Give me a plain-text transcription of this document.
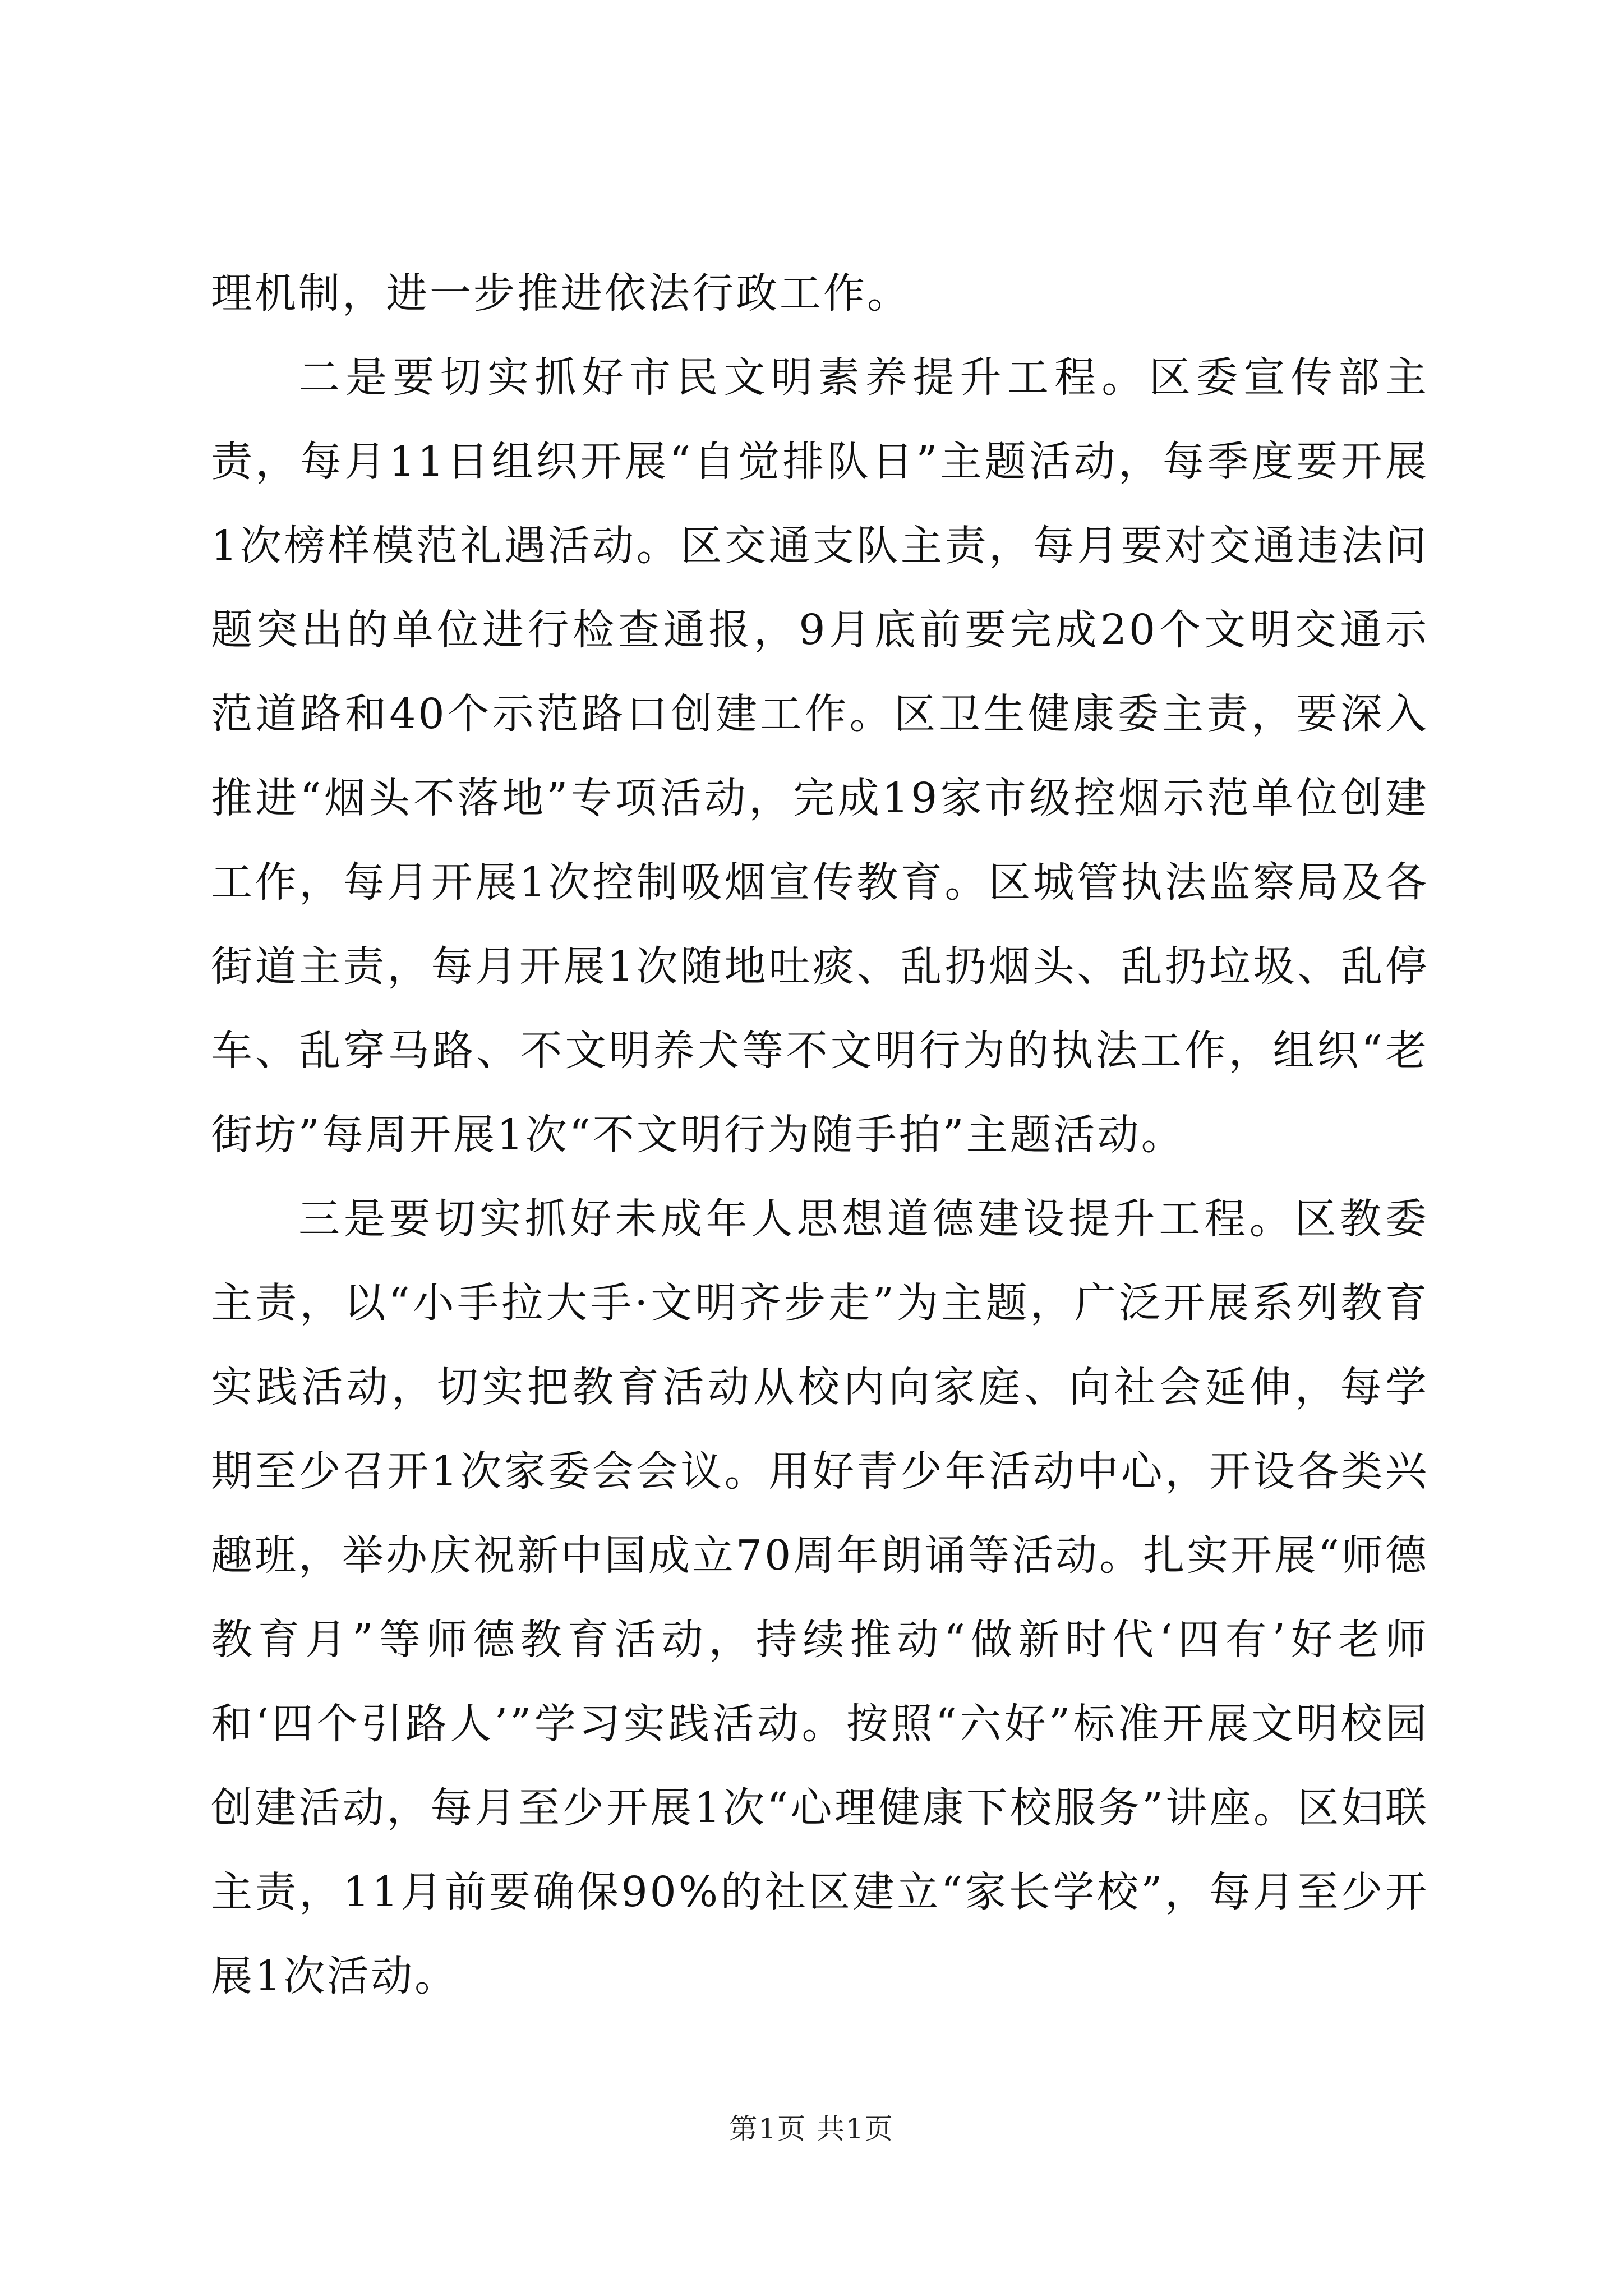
理机制，进一步推进依法行政工作。

二是要切实抓好市民文明素养提升工程。区委宣传部主责，每月11日组织开展“自觉排队日”主题活动，每季度要开展1次榜样模范礼遇活动。区交通支队主责，每月要对交通违法问题突出的单位进行检查通报，9月底前要完成20个文明交通示范道路和40个示范路口创建工作。区卫生健康委主责，要深入推进“烟头不落地”专项活动，完成19家市级控烟示范单位创建工作，每月开展1次控制吸烟宣传教育。区城管执法监察局及各街道主责，每月开展1次随地吐痰、乱扔烟头、乱扔垃圾、乱停车、乱穿马路、不文明养犬等不文明行为的执法工作，组织“老街坊”每周开展1次“不文明行为随手拍”主题活动。

三是要切实抓好未成年人思想道德建设提升工程。区教委主责，以“小手拉大手·文明齐步走”为主题，广泛开展系列教育实践活动，切实把教育活动从校内向家庭、向社会延伸，每学期至少召开1次家委会会议。用好青少年活动中心，开设各类兴趣班，举办庆祝新中国成立70周年朗诵等活动。扎实开展“师德教育月”等师德教育活动，持续推动“做新时代‘四有’好老师和‘四个引路人’”学习实践活动。按照“六好”标准开展文明校园创建活动，每月至少开展1次“心理健康下校服务”讲座。区妇联主责，11月前要确保90%的社区建立“家长学校”，每月至少开展1次活动。

第1页 共1页
